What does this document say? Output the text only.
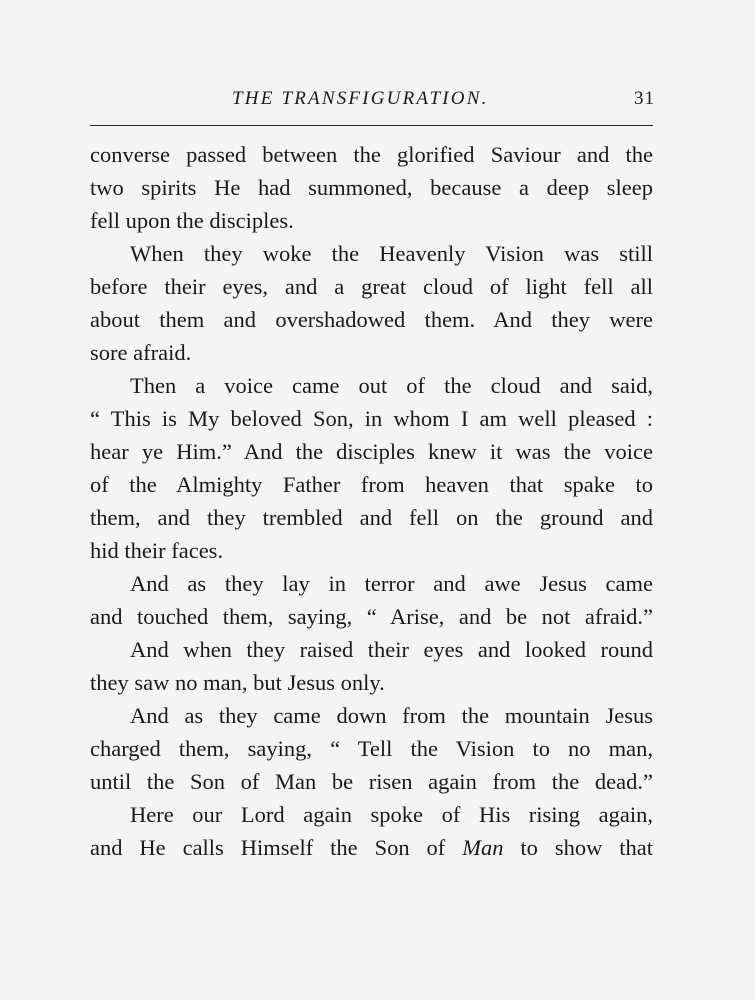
THE TRANSFIGURATION.	31
converse passed between the glorified Saviour and the
two spirits He had summoned, because a deep sleep
fell upon the disciples.
When they woke the Heavenly Vision was still
before their eyes, and a great cloud of light fell all
about them and overshadowed them. And they were
sore afraid.
Then a voice came out of the cloud and said,
“ This is My beloved Son, in whom I am well pleased :
hear ye Him.” And the disciples knew it was the voice
of the Almighty Father from heaven that spake to
them, and they trembled and fell on the ground and
hid their faces.
And as they lay in terror and awe Jesus came
and touched them, saying, “ Arise, and be not afraid.”
And when they raised their eyes and looked round
they saw no man, but Jesus only.
And as they came down from the mountain Jesus
charged them, saying, “ Tell the Vision to no man,
until the Son of Man be risen again from the dead.”
Here our Lord again spoke of His rising again,
and He calls Himself the Son of Man to show that
